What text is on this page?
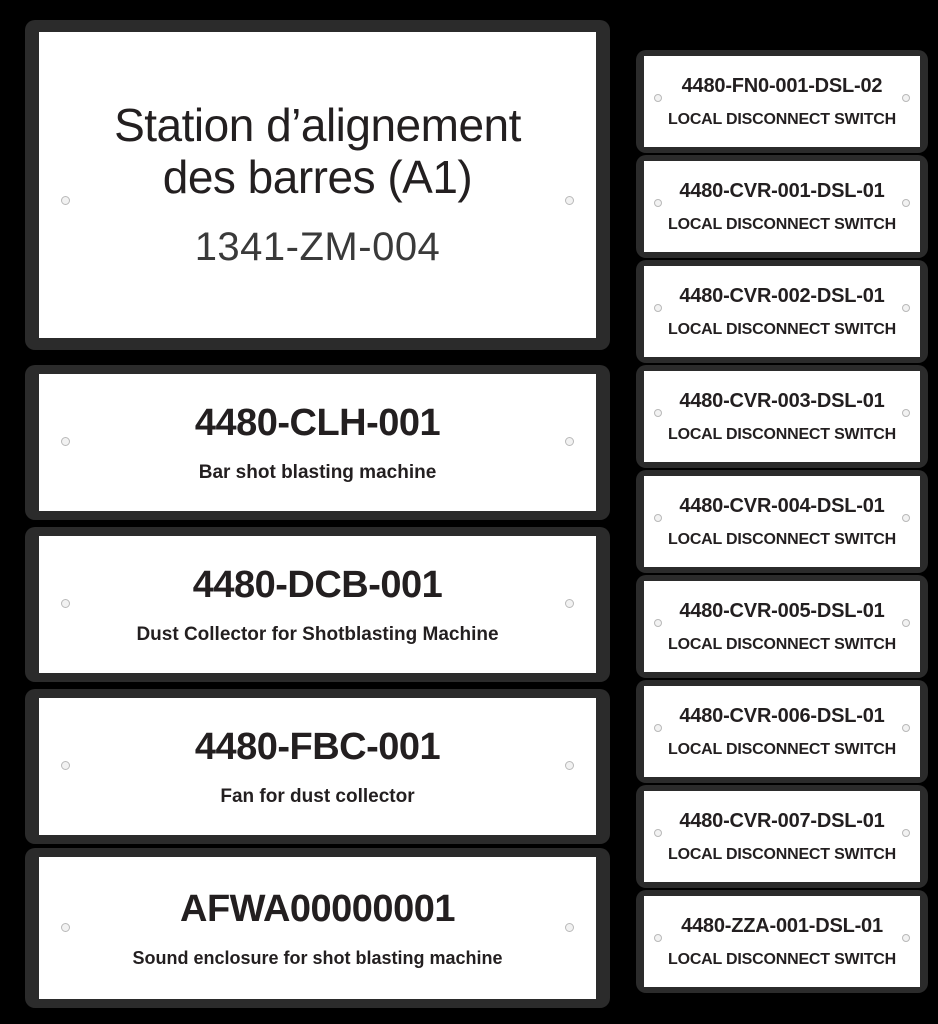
Station d’alignement
des barres (A1)
1341-ZM-004
4480-CLH-001
Bar shot blasting machine
4480-DCB-001
Dust Collector for Shotblasting Machine
4480-FBC-001
Fan for dust collector
AFWA00000001
Sound enclosure for shot blasting machine
4480-FN0-001-DSL-02
LOCAL DISCONNECT SWITCH
4480-CVR-001-DSL-01
LOCAL DISCONNECT SWITCH
4480-CVR-002-DSL-01
LOCAL DISCONNECT SWITCH
4480-CVR-003-DSL-01
LOCAL DISCONNECT SWITCH
4480-CVR-004-DSL-01
LOCAL DISCONNECT SWITCH
4480-CVR-005-DSL-01
LOCAL DISCONNECT SWITCH
4480-CVR-006-DSL-01
LOCAL DISCONNECT SWITCH
4480-CVR-007-DSL-01
LOCAL DISCONNECT SWITCH
4480-ZZA-001-DSL-01
LOCAL DISCONNECT SWITCH
